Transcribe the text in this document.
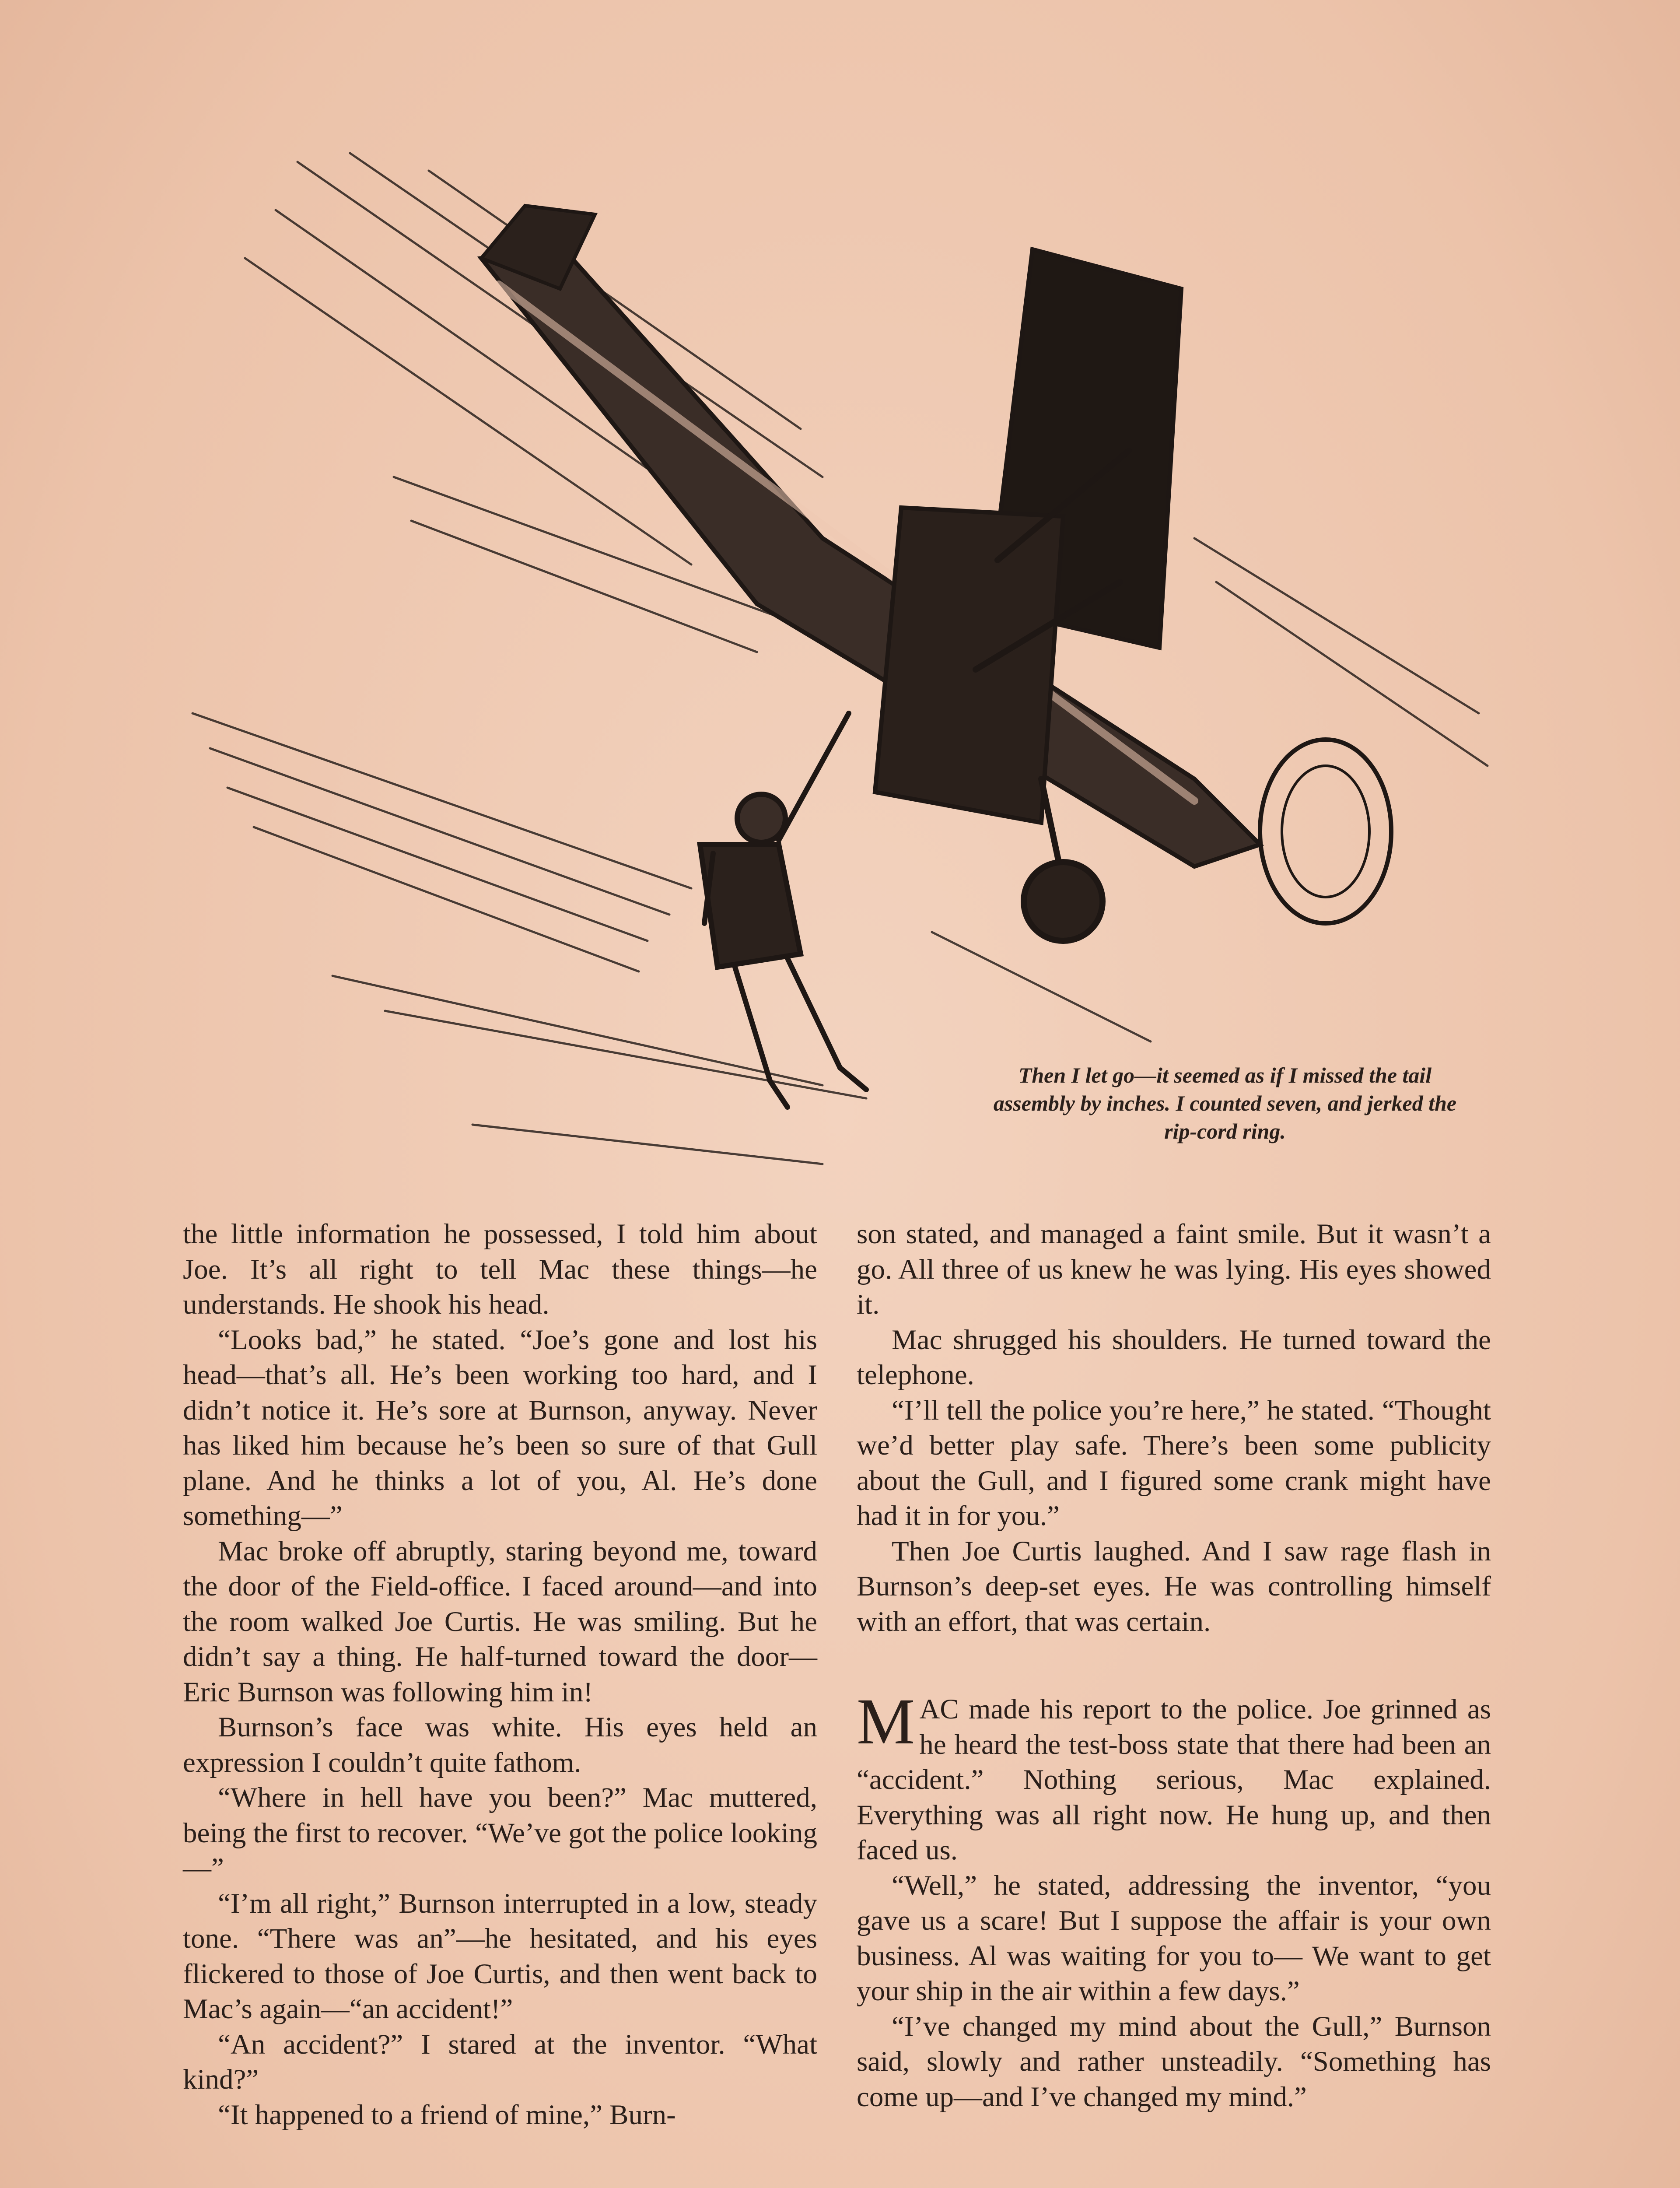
Then I let go—it seemed as if I missed the tail assembly by inches. I counted seven, and jerked the rip-cord ring.

the little information he possessed, I told him about Joe. It’s all right to tell Mac these things—he understands. He shook his head.

“Looks bad,” he stated. “Joe’s gone and lost his head—that’s all. He’s been working too hard, and I didn’t notice it. He’s sore at Burnson, anyway. Never has liked him because he’s been so sure of that Gull plane. And he thinks a lot of you, Al. He’s done something—”

Mac broke off abruptly, staring beyond me, toward the door of the Field-office. I faced around—and into the room walked Joe Curtis. He was smiling. But he didn’t say a thing. He half-turned toward the door—Eric Burnson was following him in!

Burnson’s face was white. His eyes held an expression I couldn’t quite fathom.

“Where in hell have you been?” Mac muttered, being the first to recover. “We’ve got the police looking—”

“I’m all right,” Burnson interrupted in a low, steady tone. “There was an”—he hesitated, and his eyes flickered to those of Joe Curtis, and then went back to Mac’s again—“an accident!”

“An accident?” I stared at the inventor. “What kind?”

“It happened to a friend of mine,” Burn-

son stated, and managed a faint smile. But it wasn’t a go. All three of us knew he was lying. His eyes showed it.

Mac shrugged his shoulders. He turned toward the telephone.

“I’ll tell the police you’re here,” he stated. “Thought we’d better play safe. There’s been some publicity about the Gull, and I figured some crank might have had it in for you.”

Then Joe Curtis laughed. And I saw rage flash in Burnson’s deep-set eyes. He was controlling himself with an effort, that was certain.

MAC made his report to the police. Joe grinned as he heard the test-boss state that there had been an “accident.” Nothing serious, Mac explained. Everything was all right now. He hung up, and then faced us.

“Well,” he stated, addressing the inventor, “you gave us a scare! But I suppose the affair is your own business. Al was waiting for you to— We want to get your ship in the air within a few days.”

“I’ve changed my mind about the Gull,” Burnson said, slowly and rather unsteadily. “Something has come up—and I’ve changed my mind.”
